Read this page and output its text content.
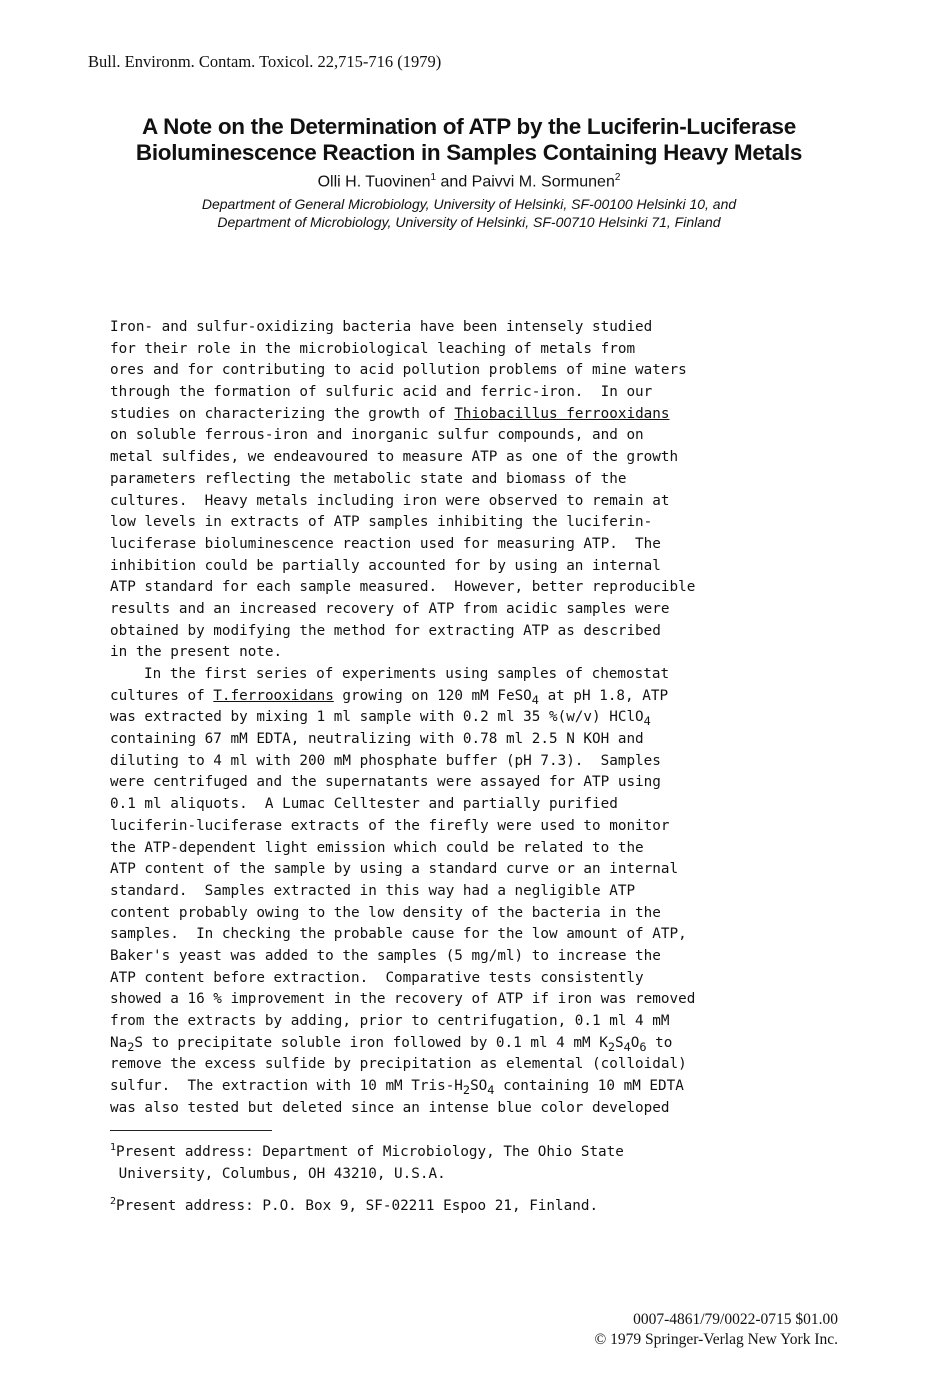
Bull. Environm. Contam. Toxicol. 22,715-716 (1979)
A Note on the Determination of ATP by the Luciferin-Luciferase
Bioluminescence Reaction in Samples Containing Heavy Metals
Olli H. Tuovinen$^1$ and Paivvi M. Sormunen$^2$
Department of General Microbiology, University of Helsinki, SF-00100 Helsinki 10, and
Department of Microbiology, University of Helsinki, SF-00710 Helsinki 71, Finland
Iron- and sulfur-oxidizing bacteria have been intensely studied
for their role in the microbiological leaching of metals from
ores and for contributing to acid pollution problems of mine waters
through the formation of sulfuric acid and ferric-iron.  In our
studies on characterizing the growth of Thiobacillus ferrooxidans
on soluble ferrous-iron and inorganic sulfur compounds, and on
metal sulfides, we endeavoured to measure ATP as one of the growth
parameters reflecting the metabolic state and biomass of the
cultures.  Heavy metals including iron were observed to remain at
low levels in extracts of ATP samples inhibiting the luciferin-
luciferase bioluminescence reaction used for measuring ATP.  The
inhibition could be partially accounted for by using an internal
ATP standard for each sample measured.  However, better reproducible
results and an increased recovery of ATP from acidic samples were
obtained by modifying the method for extracting ATP as described
in the present note.
In the first series of experiments using samples of chemostat
cultures of T.ferrooxidans growing on 120 mM FeSO$_4$ at pH 1.8, ATP
was extracted by mixing 1 ml sample with 0.2 ml 35 %(w/v) HClO$_4$
containing 67 mM EDTA, neutralizing with 0.78 ml 2.5 N KOH and
diluting to 4 ml with 200 mM phosphate buffer (pH 7.3).  Samples
were centrifuged and the supernatants were assayed for ATP using
0.1 ml aliquots.  A Lumac Celltester and partially purified
luciferin-luciferase extracts of the firefly were used to monitor
the ATP-dependent light emission which could be related to the
ATP content of the sample by using a standard curve or an internal
standard.  Samples extracted in this way had a negligible ATP
content probably owing to the low density of the bacteria in the
samples.  In checking the probable cause for the low amount of ATP,
Baker's yeast was added to the samples (5 mg/ml) to increase the
ATP content before extraction.  Comparative tests consistently
showed a 16 % improvement in the recovery of ATP if iron was removed
from the extracts by adding, prior to centrifugation, 0.1 ml 4 mM
$Na_2S$ to precipitate soluble iron followed by 0.1 ml 4 mM $K_2S_4O_6$ to
remove the excess sulfide by precipitation as elemental (colloidal)
sulfur.  The extraction with 10 mM Tris-$H_2SO_4$ containing 10 mM EDTA
was also tested but deleted since an intense blue color developed
$^1$Present address: Department of Microbiology, The Ohio State
University, Columbus, OH 43210, U.S.A.
$^2$Present address: P.O. Box 9, SF-02211 Espoo 21, Finland.
0007-4861/79/0022-0715 $01.00
© 1979 Springer-Verlag New York Inc.
